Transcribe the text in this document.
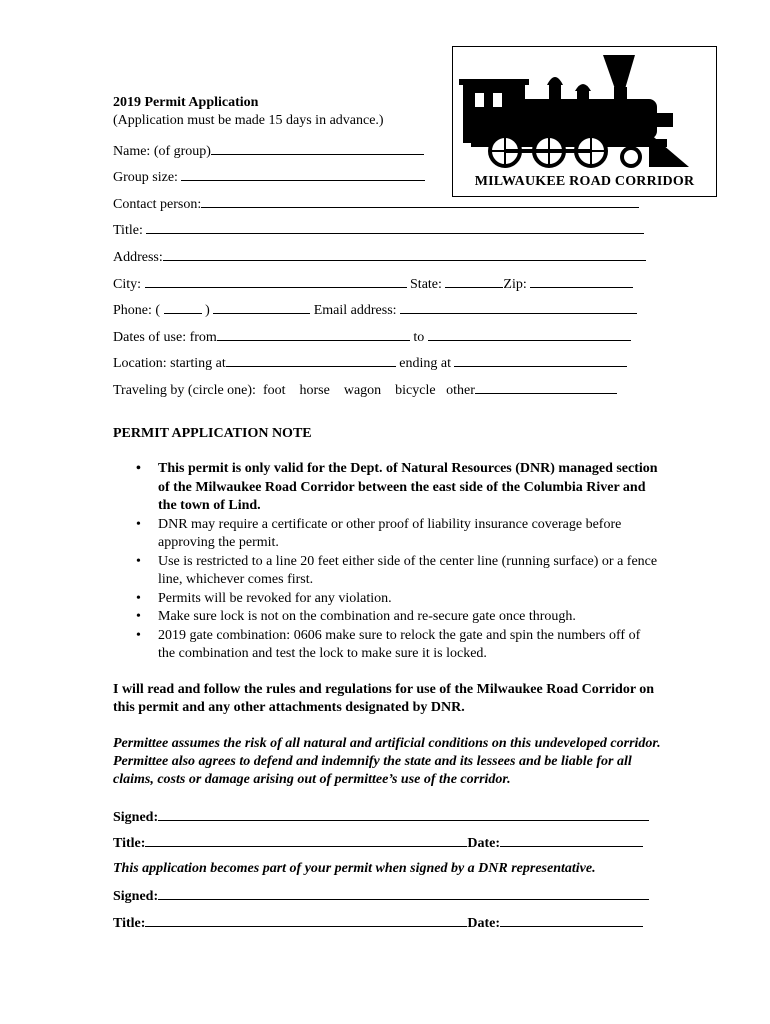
2019 Permit Application
(Application must be made 15 days in advance.)
MILWAUKEE ROAD CORRIDOR
Name: (of group)
Group size:
Contact person:
Title:
Address:
City:	State:	Zip:
Phone: (	)	Email address:
Dates of use: from	to
Location: starting at	ending at
Traveling by (circle one): foot horse wagon bicycle other
PERMIT APPLICATION NOTE
• This permit is only valid for the Dept. of Natural Resources (DNR) managed section of the Milwaukee Road Corridor between the east side of the Columbia River and the town of Lind.
• DNR may require a certificate or other proof of liability insurance coverage before approving the permit.
• Use is restricted to a line 20 feet either side of the center line (running surface) or a fence line, whichever comes first.
• Permits will be revoked for any violation.
• Make sure lock is not on the combination and re-secure gate once through.
• 2019 gate combination: 0606 make sure to relock the gate and spin the numbers off of the combination and test the lock to make sure it is locked.
I will read and follow the rules and regulations for use of the Milwaukee Road Corridor on this permit and any other attachments designated by DNR.
Permittee assumes the risk of all natural and artificial conditions on this undeveloped corridor. Permittee also agrees to defend and indemnify the state and its lessees and be liable for all claims, costs or damage arising out of permittee’s use of the corridor.
Signed:
Title:	Date:
This application becomes part of your permit when signed by a DNR representative.
Signed:
Title:	Date:
